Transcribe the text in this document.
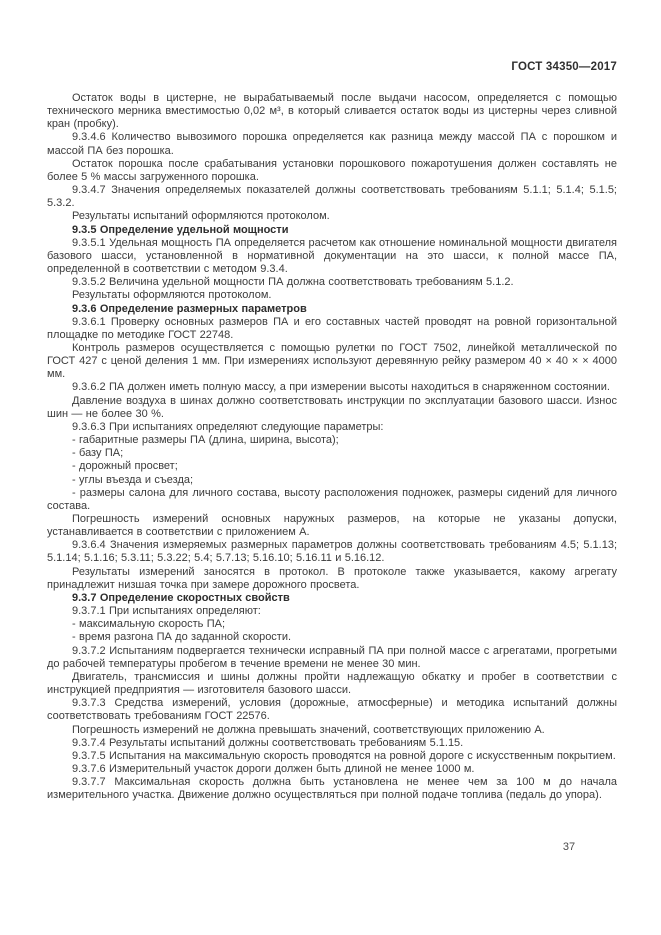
ГОСТ 34350—2017

Остаток воды в цистерне, не вырабатываемый после выдачи насосом, определяется с помощью технического мерника вместимостью 0,02 м³, в который сливается остаток воды из цистерны через сливной кран (пробку).

9.3.4.6 Количество вывозимого порошка определяется как разница между массой ПА с порошком и массой ПА без порошка.

Остаток порошка после срабатывания установки порошкового пожаротушения должен составлять не более 5 % массы загруженного порошка.

9.3.4.7 Значения определяемых показателей должны соответствовать требованиям 5.1.1; 5.1.4; 5.1.5; 5.3.2.

Результаты испытаний оформляются протоколом.

9.3.5 Определение удельной мощности

9.3.5.1 Удельная мощность ПА определяется расчетом как отношение номинальной мощности двигателя базового шасси, установленной в нормативной документации на это шасси, к полной массе ПА, определенной в соответствии с методом 9.3.4.

9.3.5.2 Величина удельной мощности ПА должна соответствовать требованиям 5.1.2.

Результаты оформляются протоколом.

9.3.6 Определение размерных параметров

9.3.6.1 Проверку основных размеров ПА и его составных частей проводят на ровной горизонтальной площадке по методике ГОСТ 22748.

Контроль размеров осуществляется с помощью рулетки по ГОСТ 7502, линейкой металлической по ГОСТ 427 с ценой деления 1 мм. При измерениях используют деревянную рейку размером 40 × 40 × × 4000 мм.

9.3.6.2 ПА должен иметь полную массу, а при измерении высоты находиться в снаряженном состоянии.

Давление воздуха в шинах должно соответствовать инструкции по эксплуатации базового шасси. Износ шин — не более 30 %.

9.3.6.3 При испытаниях определяют следующие параметры:

- габаритные размеры ПА (длина, ширина, высота);

- базу ПА;

- дорожный просвет;

- углы въезда и съезда;

- размеры салона для личного состава, высоту расположения подножек, размеры сидений для личного состава.

Погрешность измерений основных наружных размеров, на которые не указаны допуски, устанавливается в соответствии с приложением А.

9.3.6.4 Значения измеряемых размерных параметров должны соответствовать требованиям 4.5; 5.1.13; 5.1.14; 5.1.16; 5.3.11; 5.3.22; 5.4; 5.7.13; 5.16.10; 5.16.11 и 5.16.12.

Результаты измерений заносятся в протокол. В протоколе также указывается, какому агрегату принадлежит низшая точка при замере дорожного просвета.

9.3.7 Определение скоростных свойств

9.3.7.1 При испытаниях определяют:

- максимальную скорость ПА;

- время разгона ПА до заданной скорости.

9.3.7.2 Испытаниям подвергается технически исправный ПА при полной массе с агрегатами, прогретыми до рабочей температуры пробегом в течение времени не менее 30 мин.

Двигатель, трансмиссия и шины должны пройти надлежащую обкатку и пробег в соответствии с инструкцией предприятия — изготовителя базового шасси.

9.3.7.3 Средства измерений, условия (дорожные, атмосферные) и методика испытаний должны соответствовать требованиям ГОСТ 22576.

Погрешность измерений не должна превышать значений, соответствующих приложению А.

9.3.7.4 Результаты испытаний должны соответствовать требованиям 5.1.15.

9.3.7.5 Испытания на максимальную скорость проводятся на ровной дороге с искусственным покрытием.

9.3.7.6 Измерительный участок дороги должен быть длиной не менее 1000 м.

9.3.7.7 Максимальная скорость должна быть установлена не менее чем за 100 м до начала измерительного участка. Движение должно осуществляться при полной подаче топлива (педаль до упора).

37
